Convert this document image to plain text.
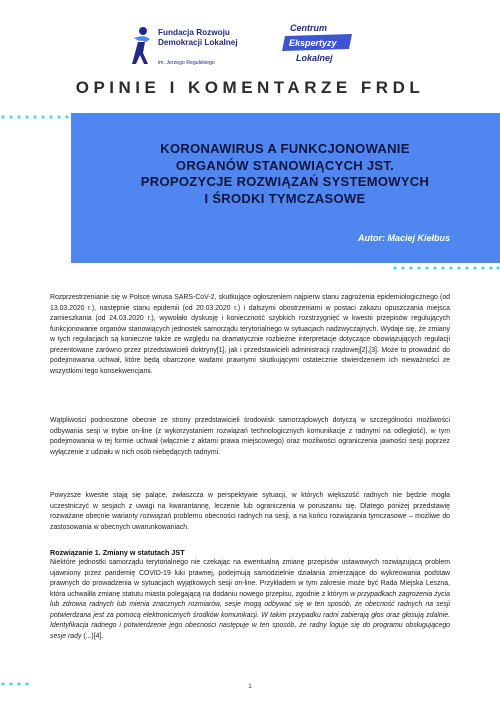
Fundacja Rozwoju
Demokracji Lokalnej
im. Jerzego Regulskiego
Centrum
Ekspertyzy
Lokalnej
OPINIE I KOMENTARZE FRDL
KORONAWIRUS A FUNKCJONOWANIE
ORGANÓW STANOWIĄCYCH JST.
PROPOZYCJE ROZWIĄZAŃ SYSTEMOWYCH
I ŚRODKI TYMCZASOWE
Autor: Maciej Kiełbus
Rozprzestrzenianie się w Polsce wirusa SARS-CoV-2, skutkujące ogłoszeniem najpierw stanu zagrożenia epidemiologicznego (od 13.03.2020 r.), następnie stanu epidemii (od 20.03.2020 r.) i dalszymi obostrzeniami w postaci zakazu opuszczania miejsca zamieszkania (od 24.03.2020 r.), wywołało dyskusję i konieczność szybkich rozstrzygnięć w kwestii przepisów regulujących funkcjonowanie organów stanowiących jednostek samorządu terytorialnego w sytuacjach nadzwyczajnych. Wydaje się, że zmiany w tych regulacjach są konieczne także ze względu na dramatycznie rozbieżne interpretacje dotyczące obowiązujących regulacji prezentowane zarówno przez przedstawicieli doktryny[1], jak i przedstawicieli administracji rządowej[2],[3]. Może to prowadzić do podejmowania uchwał, które będą obarczone wadami prawnymi skutkującymi ostatecznie stwierdzeniem ich nieważności ze wszystkimi tego konsekwencjami.
Wątpliwości podnoszone obecnie ze strony przedstawicieli środowisk samorządowych dotyczą w szczególności możliwości odbywania sesji w trybie on-line (z wykorzystaniem rozwiązań technologicznych komunikacje z radnymi na odległość), w tym podejmowania w tej formie uchwał (włącznie z aktami prawa miejscowego) oraz możliwości ograniczenia jawności sesji poprzez wyłączenie z udziału w nich osób niebędących radnymi.
Powyższe kwestie stają się palące, zwłaszcza w perspektywie sytuacji, w których większość radnych nie będzie mogła uczestniczyć w sesjach z uwagi na kwarantannę, leczenie lub ograniczenia w poruszaniu się. Dlatego poniżej przedstawię rozważane obecnie warianty rozwiązań problemu obecności radnych na sesji, a na końcu rozwiązania tymczasowe – możliwe do zastosowania w obecnych uwarunkowaniach.
Rozwiązanie 1. Zmiany w statutach JST
Niektóre jednostki samorządu terytorialnego nie czekając na ewentualną zmianę przepisów ustawowych rozwiązującą problem ujawniony przez pandemię COVID-19 luki prawnej, podejmują samodzielnie działania zmierzające do wykreowania podstaw prawnych do prowadzenia w sytuacjach wyjątkowych sesji on-line. Przykładem w tym zakresie może być Rada Miejska Leszna, która uchwaliła zmianę statutu miasta polegającą na dodaniu nowego przepisu, zgodnie z którym w przypadkach zagrożenia życia lub zdrowia radnych lub mienia znacznych rozmiarów, sesje mogą odbywać się w ten sposób, że obecność radnych na sesji potwierdzana jest za pomocą elektronicznych środków komunikacji. W takim przypadku radni zabierają głos oraz głosują zdalnie. Identyfikacja radnego i potwierdzenie jego obecności następuje w ten sposób, że radny loguje się do programu obsługującego sesje rady (...)[4].
1
